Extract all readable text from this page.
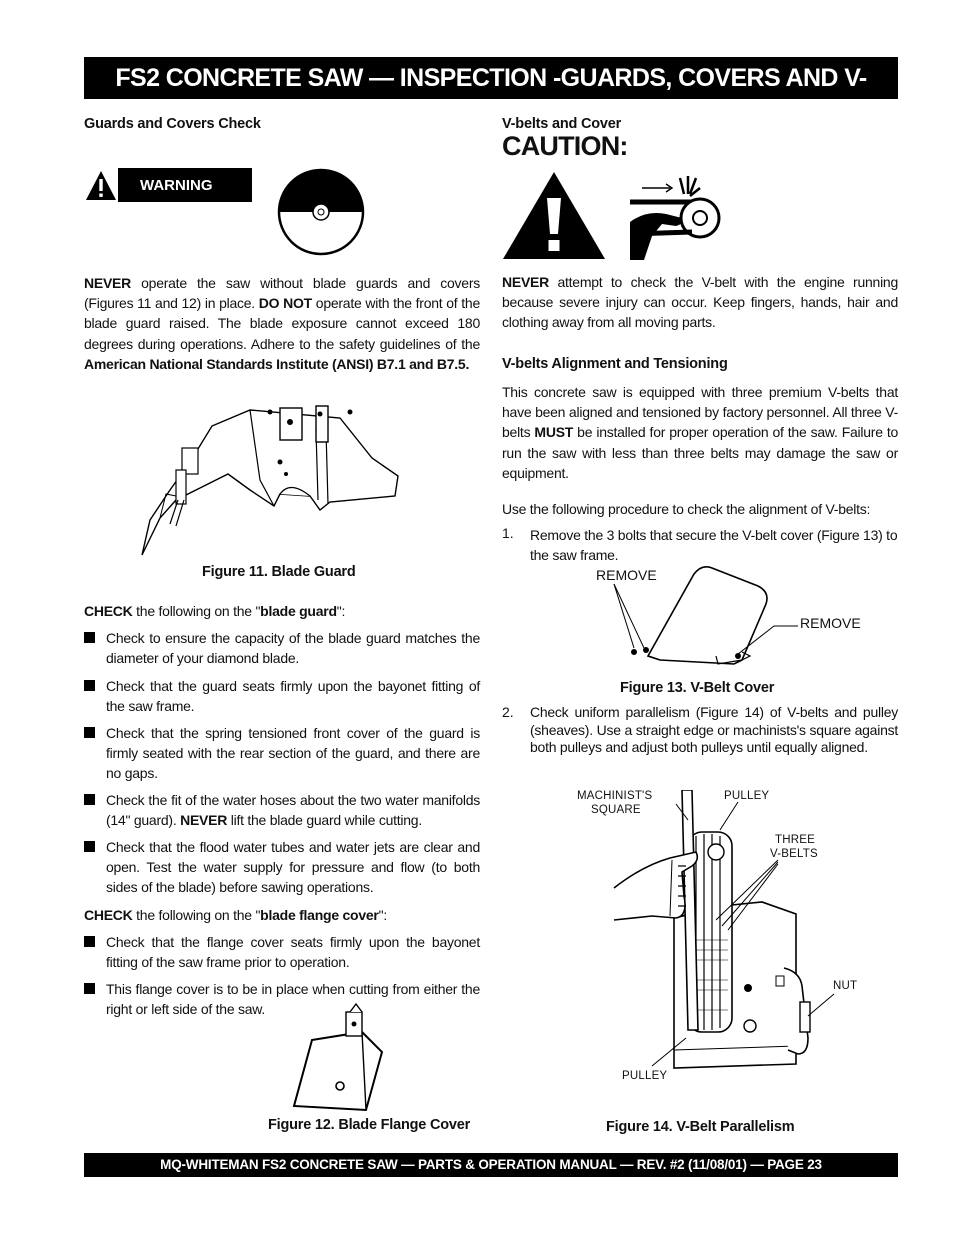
FS2 CONCRETE SAW — INSPECTION -GUARDS, COVERS AND V-BELTS
Guards and Covers Check
WARNING
NEVER operate the saw without blade guards and covers (Figures 11 and 12) in place. DO NOT operate with the front of the blade guard raised. The blade exposure cannot exceed 180 degrees during operations. Adhere to the safety guidelines of the American National Standards Institute (ANSI) B7.1 and B7.5.
Figure 11. Blade Guard
CHECK the following on the "blade guard":
Check to ensure the capacity of the blade guard matches the diameter of your diamond blade.
Check that the guard seats firmly upon the bayonet fitting of the saw frame.
Check that the spring tensioned front cover of the guard is firmly seated with the rear section of the guard, and there are no gaps.
Check the fit of the water hoses about the two water manifolds (14" guard). NEVER lift the blade guard while cutting.
Check that the flood water tubes and water jets are clear and open. Test the water supply for pressure and flow (to both sides of the blade) before sawing operations.
CHECK the following on the "blade flange cover":
Check that the flange cover seats firmly upon the bayonet fitting of the saw frame prior to operation.
This flange cover is to be in place when cutting from either the right or left side of the saw.
Figure 12. Blade Flange Cover
V-belts and Cover
CAUTION:
NEVER attempt to check the V-belt with the engine running because severe injury can occur. Keep fingers, hands, hair and clothing away from all moving parts.
V-belts Alignment and Tensioning
This concrete saw is equipped with three premium V-belts that have been aligned and tensioned by factory personnel. All three V-belts MUST be installed for proper operation of the saw. Failure to run the saw with less than three belts may damage the saw or equipment.
Use the following procedure to check the alignment of V-belts:
1. Remove the 3 bolts that secure the V-belt cover (Figure 13) to the saw frame.
REMOVE
REMOVE
Figure 13. V-Belt Cover
2. Check uniform parallelism (Figure 14) of V-belts and pulley (sheaves). Use a straight edge or machinists's square against both pulleys and adjust both pulleys until equally aligned.
MACHINIST'S
SQUARE
PULLEY
THREE
V-BELTS
NUT
PULLEY
Figure 14. V-Belt Parallelism
MQ-WHITEMAN FS2 CONCRETE SAW — PARTS & OPERATION MANUAL — REV. #2 (11/08/01) — PAGE 23
